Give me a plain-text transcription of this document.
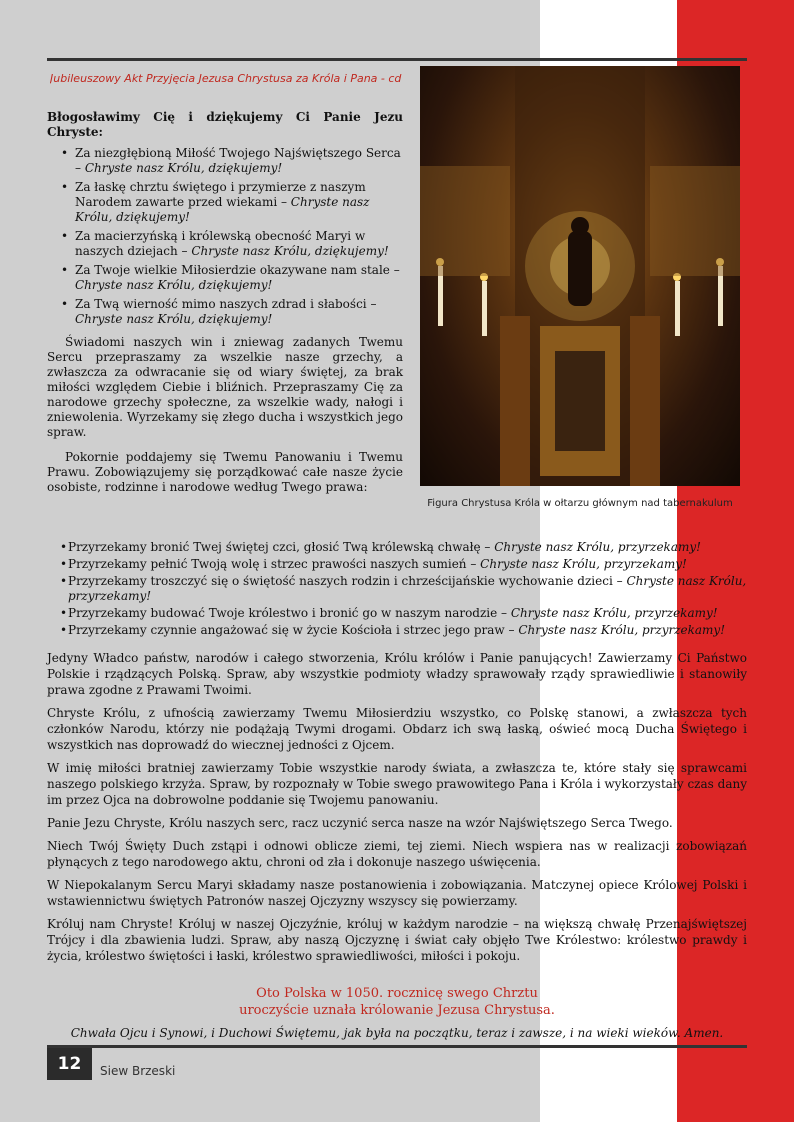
Jubileuszowy Akt Przyjęcia Jezusa Chrystusa za Króla i Pana - cd
Figura Chrystusa Króla w ołtarzu głównym nad tabernakulum

Błogosławimy Cię i dziękujemy Ci Panie Jezu Chryste:

• Za niezgłębioną Miłość Twojego Najświętszego Serca – Chryste nasz Królu, dziękujemy!
• Za łaskę chrztu świętego i przymierze z naszym Narodem zawarte przed wiekami – Chryste nasz Królu, dziękujemy!
• Za macierzyńską i królewską obecność Maryi w naszych dziejach – Chryste nasz Królu, dziękujemy!
• Za Twoje wielkie Miłosierdzie okazywane nam stale – Chryste nasz Królu, dziękujemy!
• Za Twą wierność mimo naszych zdrad i słabości – Chryste nasz Królu, dziękujemy!

Świadomi naszych win i zniewag zadanych Twemu Sercu przepraszamy za wszelkie nasze grzechy, a zwłaszcza za odwracanie się od wiary świętej, za brak miłości względem Ciebie i bliźnich. Przepraszamy Cię za narodowe grzechy społeczne, za wszelkie wady, nałogi i zniewolenia. Wyrzekamy się złego ducha i wszystkich jego spraw.

Pokornie poddajemy się Twemu Panowaniu i Twemu Prawu. Zobowiązujemy się porządkować całe nasze życie osobiste, rodzinne i narodowe według Twego prawa:

• Przyrzekamy bronić Twej świętej czci, głosić Twą królewską chwałę – Chryste nasz Królu, przyrzekamy!
• Przyrzekamy pełnić Twoją wolę i strzec prawości naszych sumień – Chryste nasz Królu, przyrzekamy!
• Przyrzekamy troszczyć się o świętość naszych rodzin i chrześcijańskie wychowanie dzieci – Chryste nasz Królu, przyrzekamy!
• Przyrzekamy budować Twoje królestwo i bronić go w naszym narodzie – Chryste nasz Królu, przyrzekamy!
• Przyrzekamy czynnie angażować się w życie Kościoła i strzec jego praw – Chryste nasz Królu, przyrzekamy!

Jedyny Władco państw, narodów i całego stworzenia, Królu królów i Panie panujących! Zawierzamy Ci Państwo Polskie i rządzących Polską. Spraw, aby wszystkie podmioty władzy sprawowały rządy sprawiedliwie i stanowiły prawa zgodne z Prawami Twoimi.

Chryste Królu, z ufnością zawierzamy Twemu Miłosierdziu wszystko, co Polskę stanowi, a zwłaszcza tych członków Narodu, którzy nie podążają Twymi drogami. Obdarz ich swą łaską, oświeć mocą Ducha Świętego i wszystkich nas doprowadź do wiecznej jedności z Ojcem.

W imię miłości bratniej zawierzamy Tobie wszystkie narody świata, a zwłaszcza te, które stały się sprawcami naszego polskiego krzyża. Spraw, by rozpoznały w Tobie swego prawowitego Pana i Króla i wykorzystały czas dany im przez Ojca na dobrowolne poddanie się Twojemu panowaniu.

Panie Jezu Chryste, Królu naszych serc, racz uczynić serca nasze na wzór Najświętszego Serca Twego.

Niech Twój Święty Duch zstąpi i odnowi oblicze ziemi, tej ziemi. Niech wspiera nas w realizacji zobowiązań płynących z tego narodowego aktu, chroni od zła i dokonuje naszego uświęcenia.

W Niepokalanym Sercu Maryi składamy nasze postanowienia i zobowiązania. Matczynej opiece Królowej Polski i wstawiennictwu świętych Patronów naszej Ojczyzny wszyscy się powierzamy.

Króluj nam Chryste! Króluj w naszej Ojczyźnie, króluj w każdym narodzie – na większą chwałę Przenajświętszej Trójcy i dla zbawienia ludzi. Spraw, aby naszą Ojczyznę i świat cały objęło Twe Królestwo: królestwo prawdy i życia, królestwo świętości i łaski, królestwo sprawiedliwości, miłości i pokoju.

Oto Polska w 1050. rocznicę swego Chrztu
uroczyście uznała królowanie Jezusa Chrystusa.
Chwała Ojcu i Synowi, i Duchowi Świętemu, jak była na początku, teraz i zawsze, i na wieki wieków. Amen.
12	Siew Brzeski
